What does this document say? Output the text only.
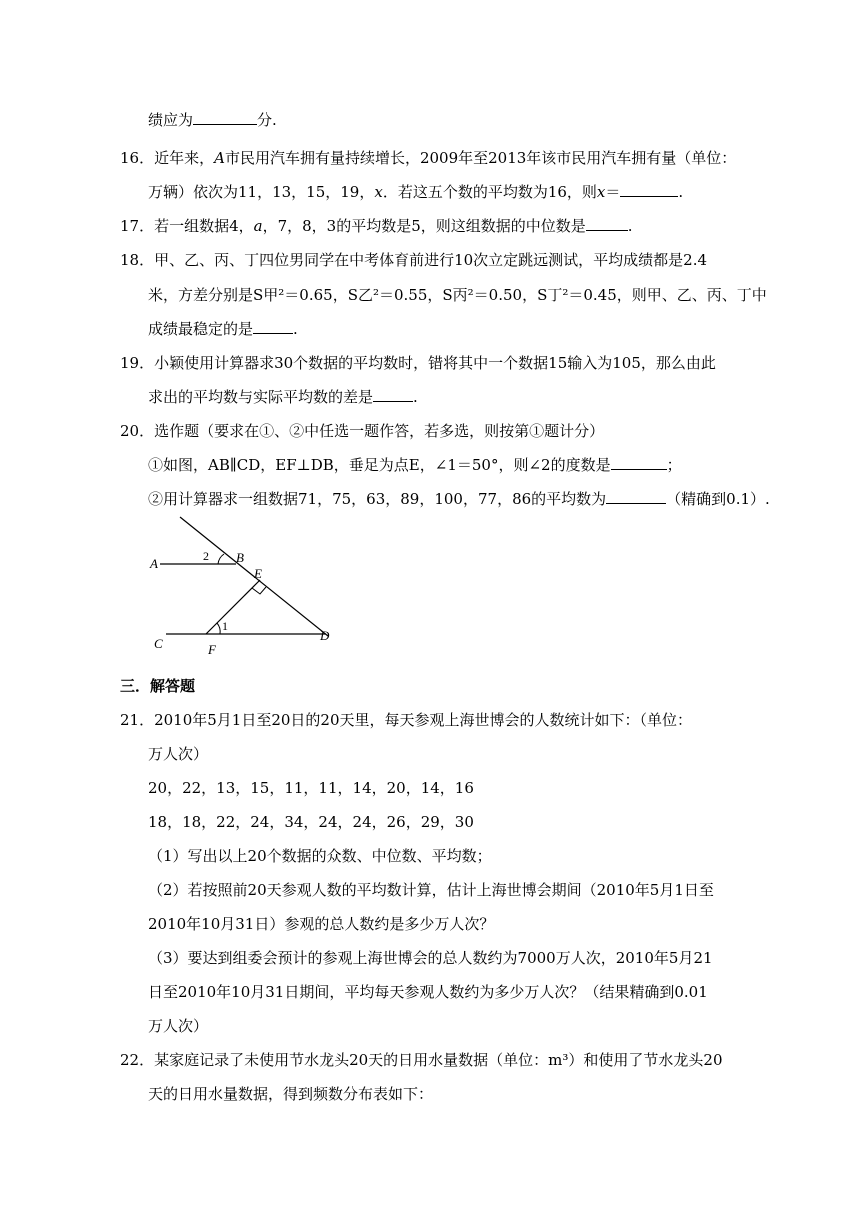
绩应为	分.
16．近年来，A市民用汽车拥有量持续增长，2009年至2013年该市民用汽车拥有量（单位：
万辆）依次为11，13，15，19，x．若这五个数的平均数为16，则x＝	.
17．若一组数据4，a，7，8，3的平均数是5，则这组数据的中位数是	.
18．甲、乙、丙、丁四位男同学在中考体育前进行10次立定跳远测试，平均成绩都是2.4
米，方差分别是S甲²＝0.65，S乙²＝0.55，S丙²＝0.50，S丁²＝0.45，则甲、乙、丙、丁中
成绩最稳定的是	.
19．小颖使用计算器求30个数据的平均数时，错将其中一个数据15输入为105，那么由此
求出的平均数与实际平均数的差是	.
20．选作题（要求在①、②中任选一题作答，若多选，则按第①题计分）
①如图，AB∥CD，EF⊥DB，垂足为点E，∠1＝50°，则∠2的度数是	；
②用计算器求一组数据71，75，63，89，100，77，86的平均数为	（精确到0.1）.
A	B
C
D
E
F
1
2
三．解答题
21．2010年5月1日至20日的20天里，每天参观上海世博会的人数统计如下：（单位：
万人次）
20，22，13，15，11，11，14，20，14，16
18，18，22，24，34，24，24，26，29，30
（1）写出以上20个数据的众数、中位数、平均数；
（2）若按照前20天参观人数的平均数计算，估计上海世博会期间（2010年5月1日至
2010年10月31日）参观的总人数约是多少万人次？
（3）要达到组委会预计的参观上海世博会的总人数约为7000万人次，2010年5月21
日至2010年10月31日期间，平均每天参观人数约为多少万人次？（结果精确到0.01
万人次）
22．某家庭记录了未使用节水龙头20天的日用水量数据（单位：m³）和使用了节水龙头20
天的日用水量数据，得到频数分布表如下：
